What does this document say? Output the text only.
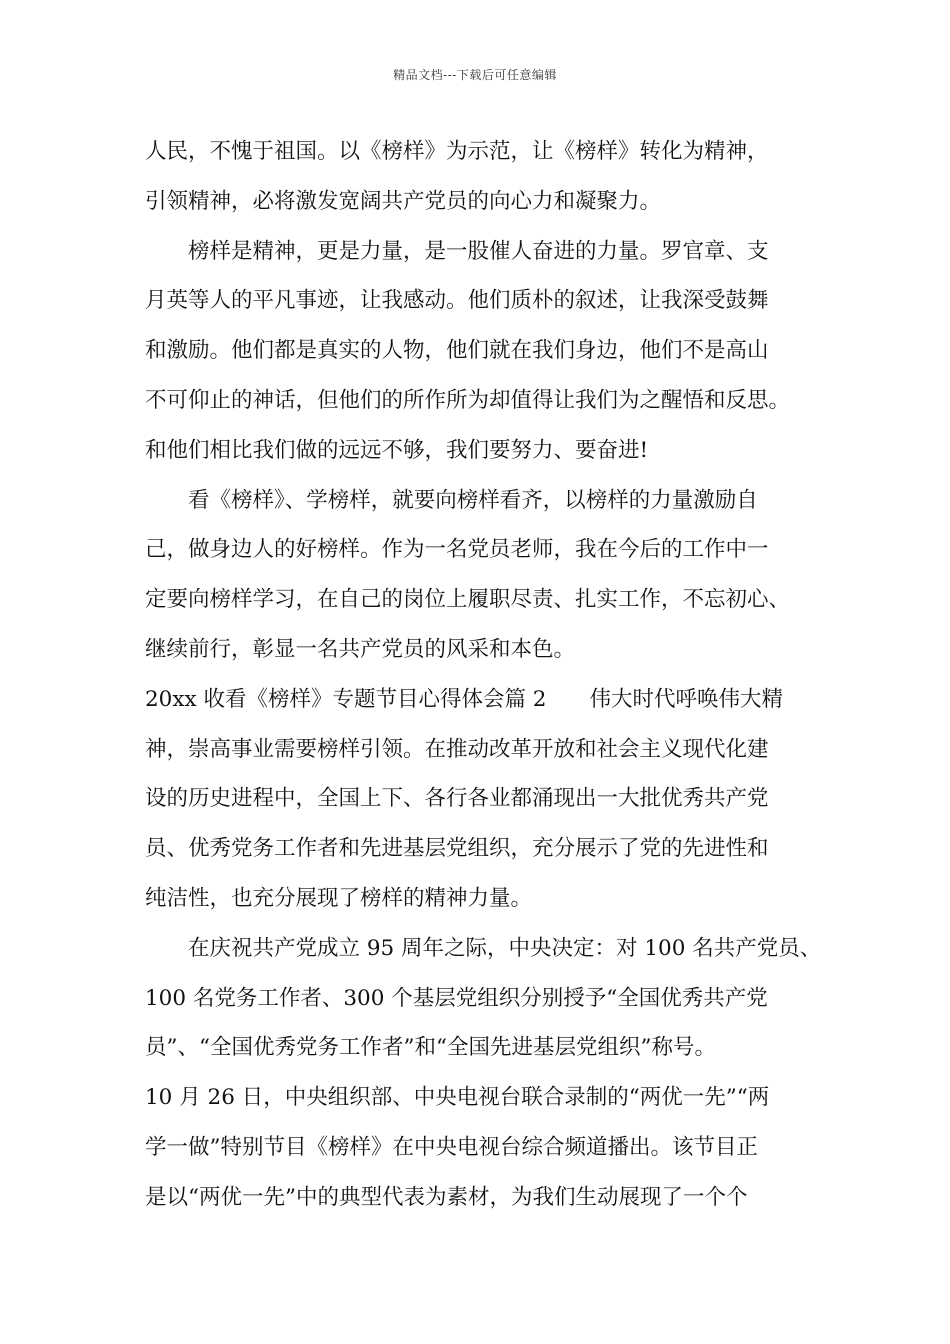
精品文档---下载后可任意编辑
人民，不愧于祖国。以《榜样》为示范，让《榜样》转化为精神，
引领精神，必将激发宽阔共产党员的向心力和凝聚力。
榜样是精神，更是力量，是一股催人奋进的力量。罗官章、支
月英等人的平凡事迹，让我感动。他们质朴的叙述，让我深受鼓舞
和激励。他们都是真实的人物，他们就在我们身边，他们不是高山
不可仰止的神话，但他们的所作所为却值得让我们为之醒悟和反思。
和他们相比我们做的远远不够，我们要努力、要奋进!
看《榜样》、学榜样，就要向榜样看齐，以榜样的力量激励自
己，做身边人的好榜样。作为一名党员老师，我在今后的工作中一
定要向榜样学习，在自己的岗位上履职尽责、扎实工作，不忘初心、
继续前行，彰显一名共产党员的风采和本色。
20xx 收看《榜样》专题节目心得体会篇 2　　伟大时代呼唤伟大精
神，崇高事业需要榜样引领。在推动改革开放和社会主义现代化建
设的历史进程中，全国上下、各行各业都涌现出一大批优秀共产党
员、优秀党务工作者和先进基层党组织，充分展示了党的先进性和
纯洁性，也充分展现了榜样的精神力量。
在庆祝共产党成立 95 周年之际，中央决定：对 100 名共产党员、
100 名党务工作者、300 个基层党组织分别授予“全国优秀共产党
员”、“全国优秀党务工作者”和“全国先进基层党组织”称号。
10 月 26 日，中央组织部、中央电视台联合录制的“两优一先”“两
学一做”特别节目《榜样》在中央电视台综合频道播出。该节目正
是以“两优一先”中的典型代表为素材，为我们生动展现了一个个
